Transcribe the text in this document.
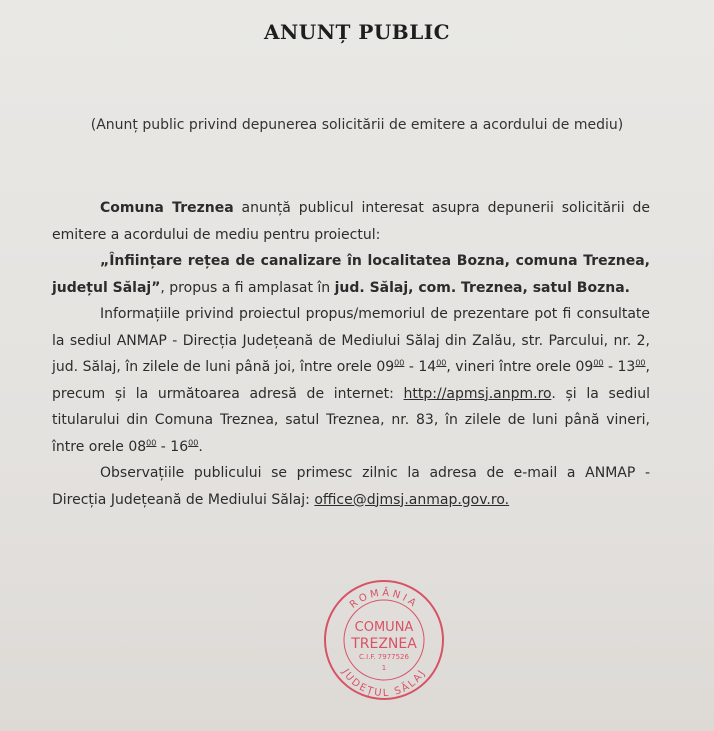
ANUNȚ PUBLIC
(Anunț public privind depunerea solicitării de emitere a acordului de mediu)

Comuna Treznea anunță publicul interesat asupra depunerii solicitării de emitere a acordului de mediu pentru proiectul:

„Înființare rețea de canalizare în localitatea Bozna, comuna Treznea, județul Sălaj”, propus a fi amplasat în jud. Sălaj, com. Treznea, satul Bozna.

Informațiile privind proiectul propus/memoriul de prezentare pot fi consultate la sediul ANMAP - Direcția Județeană de Mediului Sălaj din Zalău, str. Parcului, nr. 2, jud. Sălaj, în zilele de luni până joi, între orele $09^{00} - 14^{00}$, vineri între orele $09^{00} - 13^{00}$, precum și la următoarea adresă de internet: http://apmsj.anpm.ro. și la sediul titularului din Comuna Treznea, satul Treznea, nr. 83, în zilele de luni până vineri, între orele $08^{00} - 16^{00}$.

Observațiile publicului se primesc zilnic la adresa de e-mail a ANMAP - Direcția Județeană de Mediului Sălaj: office@djmsj.anmap.gov.ro.

ROMÂNIA
JUDEȚUL SĂLAJ
COMUNA
TREZNEA
C.I.F. 7977526
1
